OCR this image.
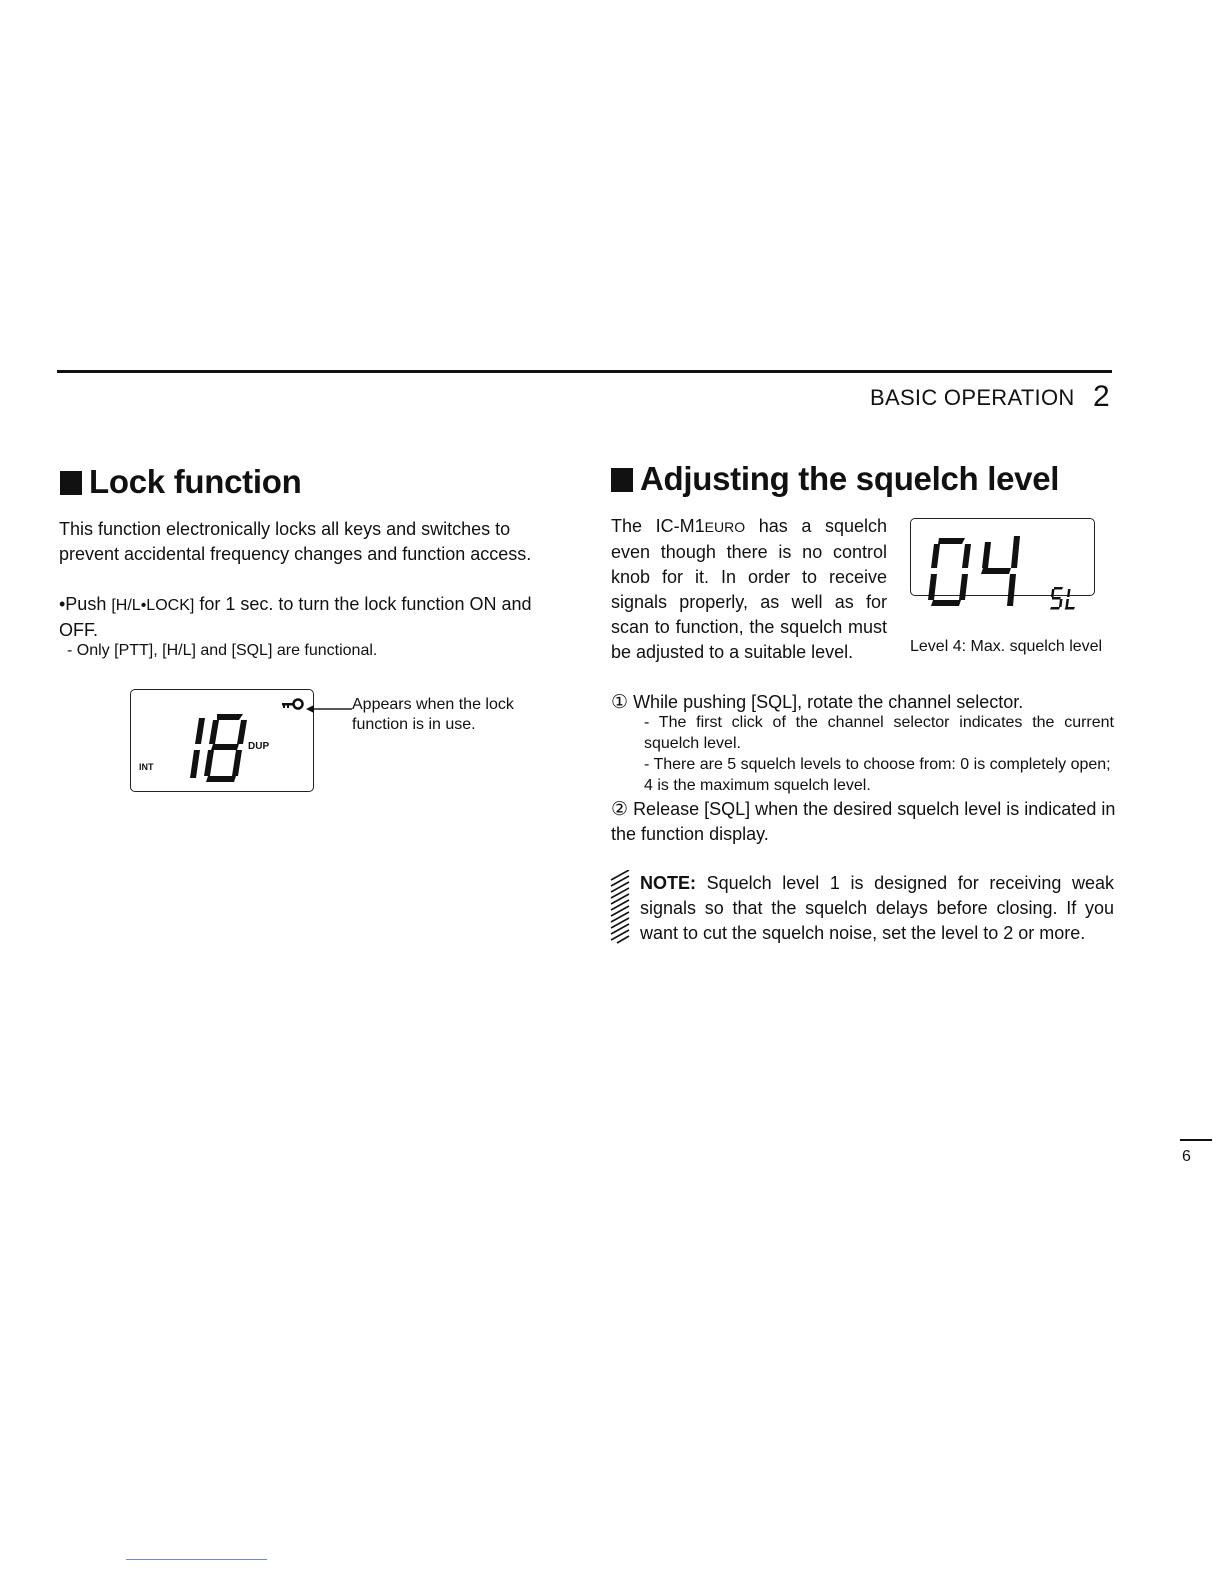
BASIC OPERATION 2
Lock function
This function electronically locks all keys and switches to prevent accidental frequency changes and function access.
•Push [H/L•LOCK] for 1 sec. to turn the lock function ON and OFF.
- Only [PTT], [H/L] and [SQL] are functional.
INT
DUP
Appears when the lock function is in use.
Adjusting the squelch level
The IC-M1EURO has a squelch even though there is no control knob for it. In order to receive signals properly, as well as for scan to function, the squelch must be adjusted to a suitable level.	Level 4: Max. squelch level
① While pushing [SQL], rotate the channel selector.
- The first click of the channel selector indicates the current squelch level.
- There are 5 squelch levels to choose from: 0 is completely open; 4 is the maximum squelch level.
② Release [SQL] when the desired squelch level is indicated in the function display.
NOTE: Squelch level 1 is designed for receiving weak signals so that the squelch delays before closing. If you want to cut the squelch noise, set the level to 2 or more.
6
